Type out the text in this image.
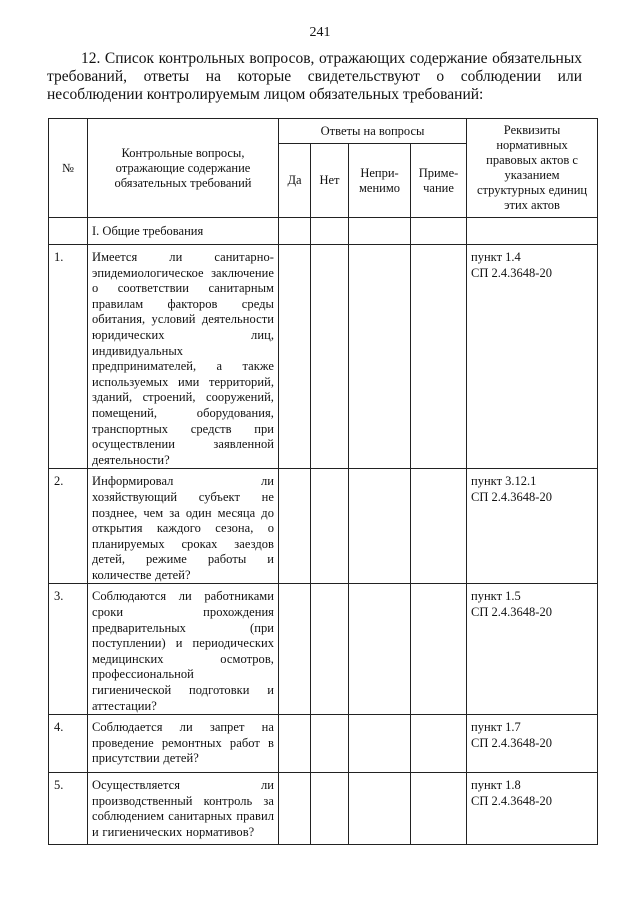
241
12. Список контрольных вопросов, отражающих содержание обязательных требований, ответы на которые свидетельствуют о соблюдении или несоблюдении контролируемым лицом обязательных требований:
№	Контрольные вопросы, отражающие содержание обязательных требований	Ответы на вопросы				Реквизиты нормативных правовых актов с указанием структурных единиц этих актов
		Да	Нет	Непри-менимо	Приме-чание	
	I. Общие требования					
1.	Имеется ли санитарно-эпидемиологическое заключение о соответствии санитарным правилам факторов среды обитания, условий деятельности юридических лиц, индивидуальных предпринимателей, а также используемых ими территорий, зданий, строений, сооружений, помещений, оборудования, транспортных средств при осуществлении заявленной деятельности?					пункт 1.4
СП 2.4.3648-20

2.	Информировал ли хозяйствующий субъект не позднее, чем за один месяца до открытия каждого сезона, о планируемых сроках заездов детей, режиме работы и количестве детей?					пункт 3.12.1
СП 2.4.3648-20

3.	Соблюдаются ли работниками сроки прохождения предварительных (при поступлении) и периодических медицинских осмотров, профессиональной гигиенической подготовки и аттестации?					пункт 1.5
СП 2.4.3648-20

4.	Соблюдается ли запрет на проведение ремонтных работ в присутствии детей?					пункт 1.7
СП 2.4.3648-20

5.	Осуществляется ли производственный контроль за соблюдением санитарных правил и гигиенических нормативов?					пункт 1.8
СП 2.4.3648-20
